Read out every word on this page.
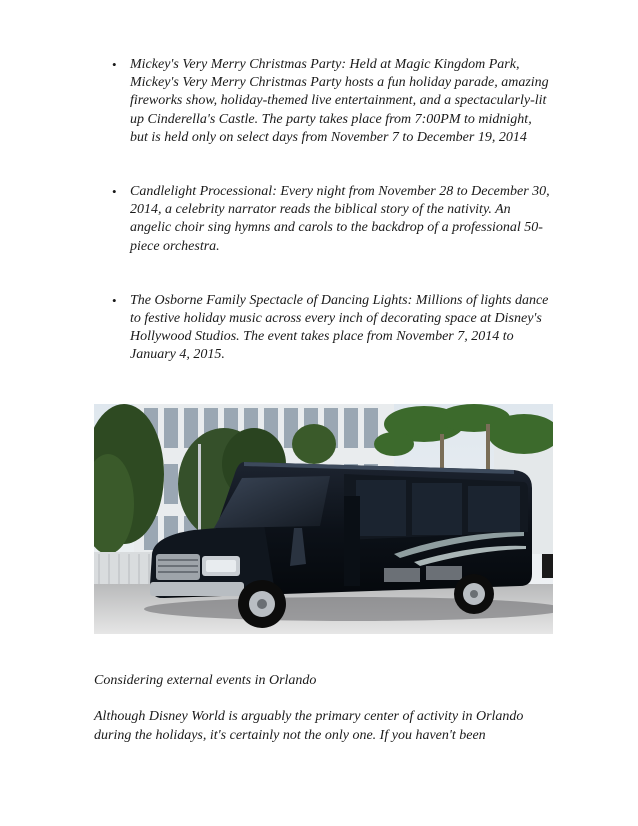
• Mickey's Very Merry Christmas Party: Held at Magic Kingdom Park, Mickey's Very Merry Christmas Party hosts a fun holiday parade, amazing fireworks show, holiday-themed live entertainment, and a spectacularly-lit up Cinderella's Castle. The party takes place from 7:00PM to midnight, but is held only on select days from November 7 to December 19, 2014
• Candlelight Processional: Every night from November 28 to December 30, 2014, a celebrity narrator reads the biblical story of the nativity. An angelic choir sing hymns and carols to the backdrop of a professional 50-piece orchestra.
• The Osborne Family Spectacle of Dancing Lights: Millions of lights dance to festive holiday music across every inch of decorating space at Disney's Hollywood Studios. The event takes place from November 7, 2014 to January 4, 2015.

Considering external events in Orlando

Although Disney World is arguably the primary center of activity in Orlando during the holidays, it's certainly not the only one. If you haven't been
